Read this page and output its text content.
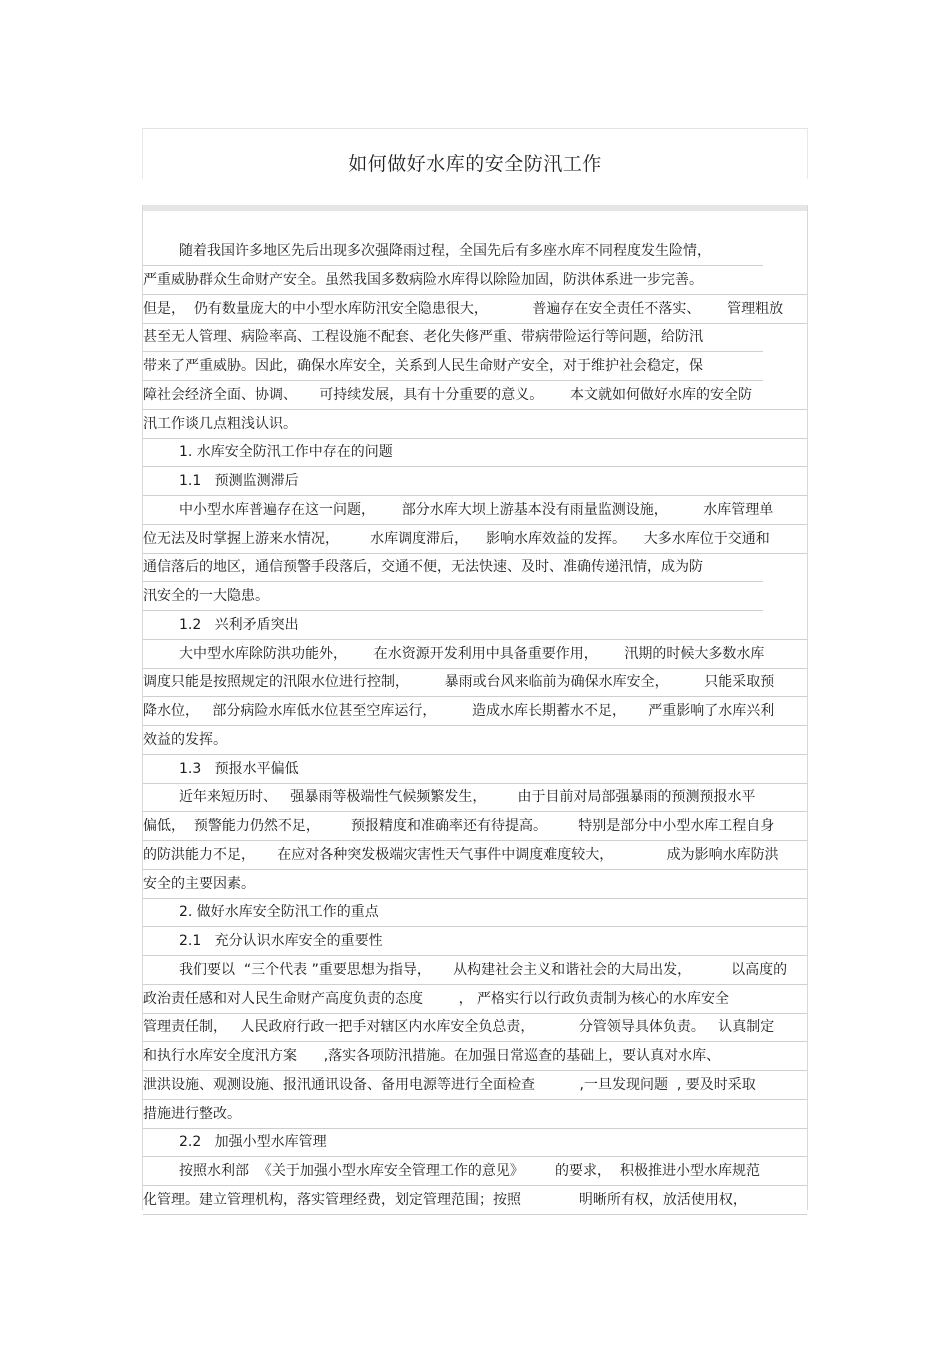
如何做好水库的安全防汛工作
随着我国许多地区先后出现多次强降雨过程，全国先后有多座水库不同程度发生险情，
严重威胁群众生命财产安全。虽然我国多数病险水库得以除险加固，防洪体系进一步完善。
但是，  仍有数量庞大的中小型水库防汛安全隐患很大，          普遍存在安全责任不落实、      管理粗放
甚至无人管理、病险率高、工程设施不配套、老化失修严重、带病带险运行等问题，给防汛
带来了严重威胁。因此，确保水库安全，关系到人民生命财产安全，对于维护社会稳定，保
障社会经济全面、协调、     可持续发展，具有十分重要的意义。      本文就如何做好水库的安全防
汛工作谈几点粗浅认识。
1. 水库安全防汛工作中存在的问题
1.1   预测监测滞后
中小型水库普遍存在这一问题，      部分水库大坝上游基本没有雨量监测设施，        水库管理单
位无法及时掌握上游来水情况，       水库调度滞后，    影响水库效益的发挥。    大多水库位于交通和
通信落后的地区，通信预警手段落后，交通不便，无法快速、及时、准确传递汛情，成为防
汛安全的一大隐患。
1.2   兴利矛盾突出
大中型水库除防洪功能外，      在水资源开发利用中具备重要作用，      汛期的时候大多数水库
调度只能是按照规定的汛限水位进行控制，        暴雨或台风来临前为确保水库安全，        只能采取预
降水位，   部分病险水库低水位甚至空库运行，        造成水库长期蓄水不足，     严重影响了水库兴利
效益的发挥。
1.3   预报水平偏低
近年来短历时、   强暴雨等极端性气候频繁发生，       由于目前对局部强暴雨的预测预报水平
偏低，  预警能力仍然不足，       预报精度和准确率还有待提高。       特别是部分中小型水库工程自身
的防洪能力不足，     在应对各种突发极端灾害性天气事件中调度难度较大，            成为影响水库防洪
安全的主要因素。
2. 做好水库安全防汛工作的重点
2.1   充分认识水库安全的重要性
我们要以  “三个代表 ”重要思想为指导，     从构建社会主义和谐社会的大局出发，         以高度的
政治责任感和对人民生命财产高度负责的态度        ， 严格实行以行政负责制为核心的水库安全
管理责任制，   人民政府行政一把手对辖区内水库安全负总责，          分管领导具体负责。   认真制定
和执行水库安全度汛方案      ,落实各项防汛措施。在加强日常巡查的基础上，要认真对水库、
泄洪设施、观测设施、报汛通讯设备、备用电源等进行全面检查          ,一旦发现问题  , 要及时采取
措施进行整改。
2.2   加强小型水库管理
按照水利部  《关于加强小型水库安全管理工作的意见》       的要求，  积极推进小型水库规范
化管理。建立管理机构，落实管理经费，划定管理范围；按照             明晰所有权，放活使用权，
